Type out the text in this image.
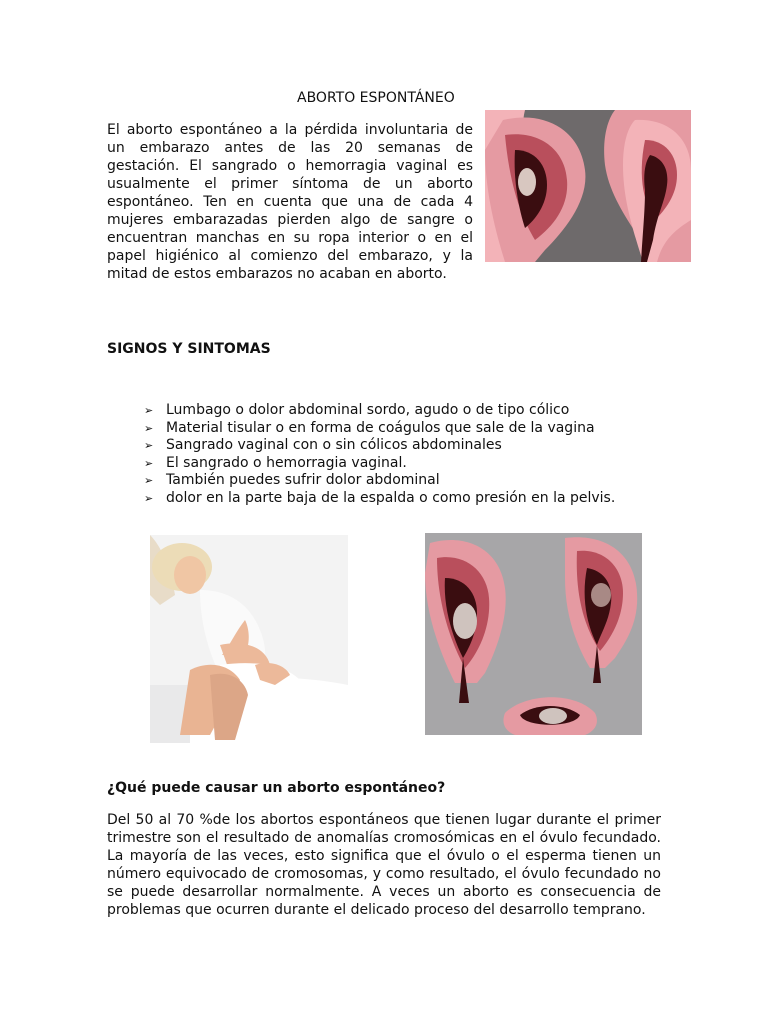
ABORTO ESPONTÁNEO
El aborto espontáneo a la pérdida involuntaria de un embarazo antes de las 20 semanas de gestación. El sangrado o hemorragia vaginal es usualmente el primer síntoma de un aborto espontáneo. Ten en cuenta que una de cada 4 mujeres embarazadas pierden algo de sangre o encuentran manchas en su ropa interior o en el papel higiénico al comienzo del embarazo, y la mitad de estos embarazos no acaban en aborto.
SIGNOS Y SINTOMAS
➢ Lumbago o dolor abdominal sordo, agudo o de tipo cólico
➢ Material tisular o en forma de coágulos que sale de la vagina
➢ Sangrado vaginal con o sin cólicos abdominales
➢ El sangrado o hemorragia vaginal.
➢ También puedes sufrir dolor abdominal
➢ dolor en la parte baja de la espalda o como presión en la pelvis.
¿Qué puede causar un aborto espontáneo?
Del 50 al 70 %de los abortos espontáneos que tienen lugar durante el primer trimestre son el resultado de anomalías cromosómicas en el óvulo fecundado. La mayoría de las veces, esto significa que el óvulo o el esperma tienen un número equivocado de cromosomas, y como resultado, el óvulo fecundado no se puede desarrollar normalmente. A veces un aborto es consecuencia de problemas que ocurren durante el delicado proceso del desarrollo temprano.
